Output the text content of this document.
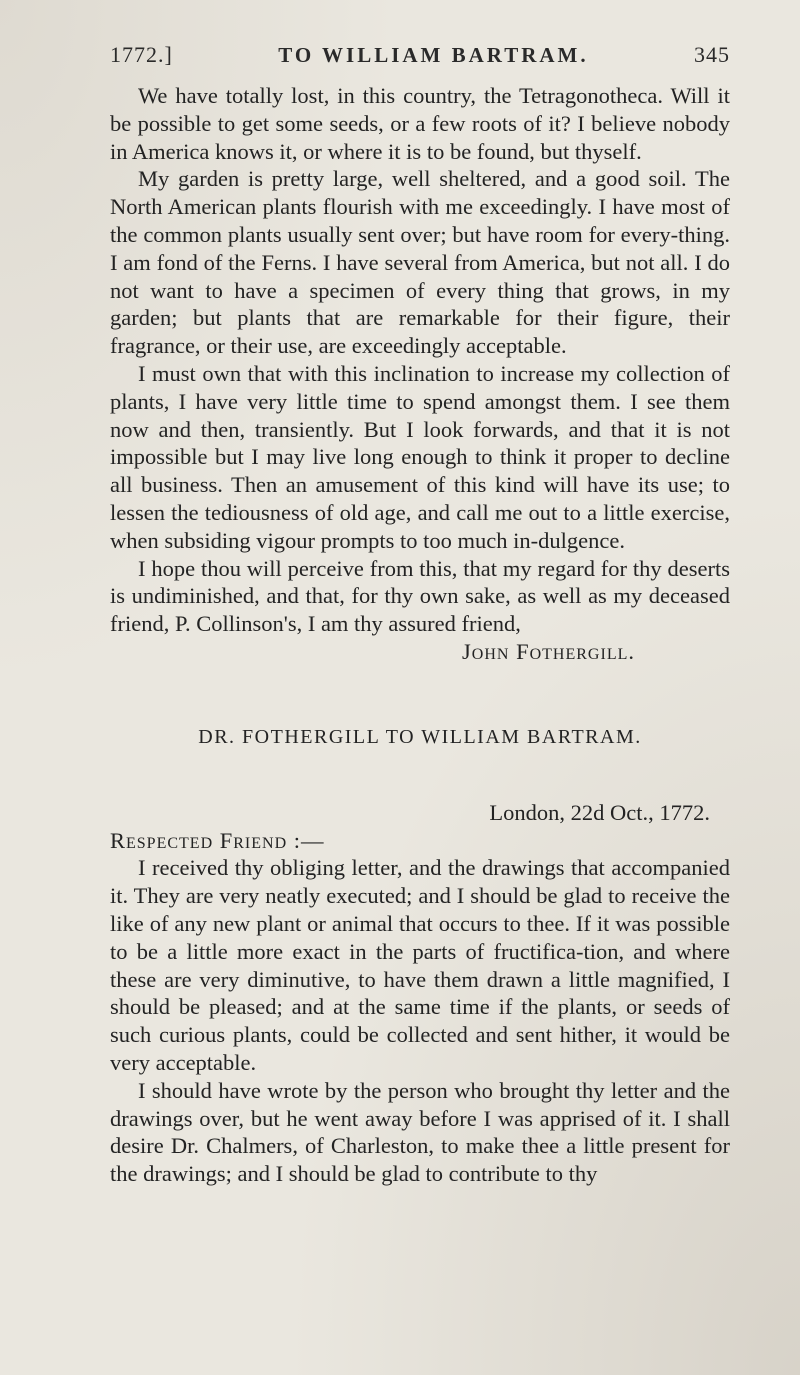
1772.]	TO WILLIAM BARTRAM.	345

We have totally lost, in this country, the Tetragonotheca. Will it be possible to get some seeds, or a few roots of it? I believe nobody in America knows it, or where it is to be found, but thyself.

My garden is pretty large, well sheltered, and a good soil. The North American plants flourish with me exceedingly. I have most of the common plants usually sent over; but have room for every-thing. I am fond of the Ferns. I have several from America, but not all. I do not want to have a specimen of every thing that grows, in my garden; but plants that are remarkable for their figure, their fragrance, or their use, are exceedingly acceptable.

I must own that with this inclination to increase my collection of plants, I have very little time to spend amongst them. I see them now and then, transiently. But I look forwards, and that it is not impossible but I may live long enough to think it proper to decline all business. Then an amusement of this kind will have its use; to lessen the tediousness of old age, and call me out to a little exercise, when subsiding vigour prompts to too much in-dulgence.

I hope thou will perceive from this, that my regard for thy deserts is undiminished, and that, for thy own sake, as well as my deceased friend, P. Collinson's, I am thy assured friend,

John Fothergill.
DR. FOTHERGILL TO WILLIAM BARTRAM.
London, 22d Oct., 1772.
Respected Friend :—

I received thy obliging letter, and the drawings that accompanied it. They are very neatly executed; and I should be glad to receive the like of any new plant or animal that occurs to thee. If it was possible to be a little more exact in the parts of fructifica-tion, and where these are very diminutive, to have them drawn a little magnified, I should be pleased; and at the same time if the plants, or seeds of such curious plants, could be collected and sent hither, it would be very acceptable.

I should have wrote by the person who brought thy letter and the drawings over, but he went away before I was apprised of it. I shall desire Dr. Chalmers, of Charleston, to make thee a little present for the drawings; and I should be glad to contribute to thy
